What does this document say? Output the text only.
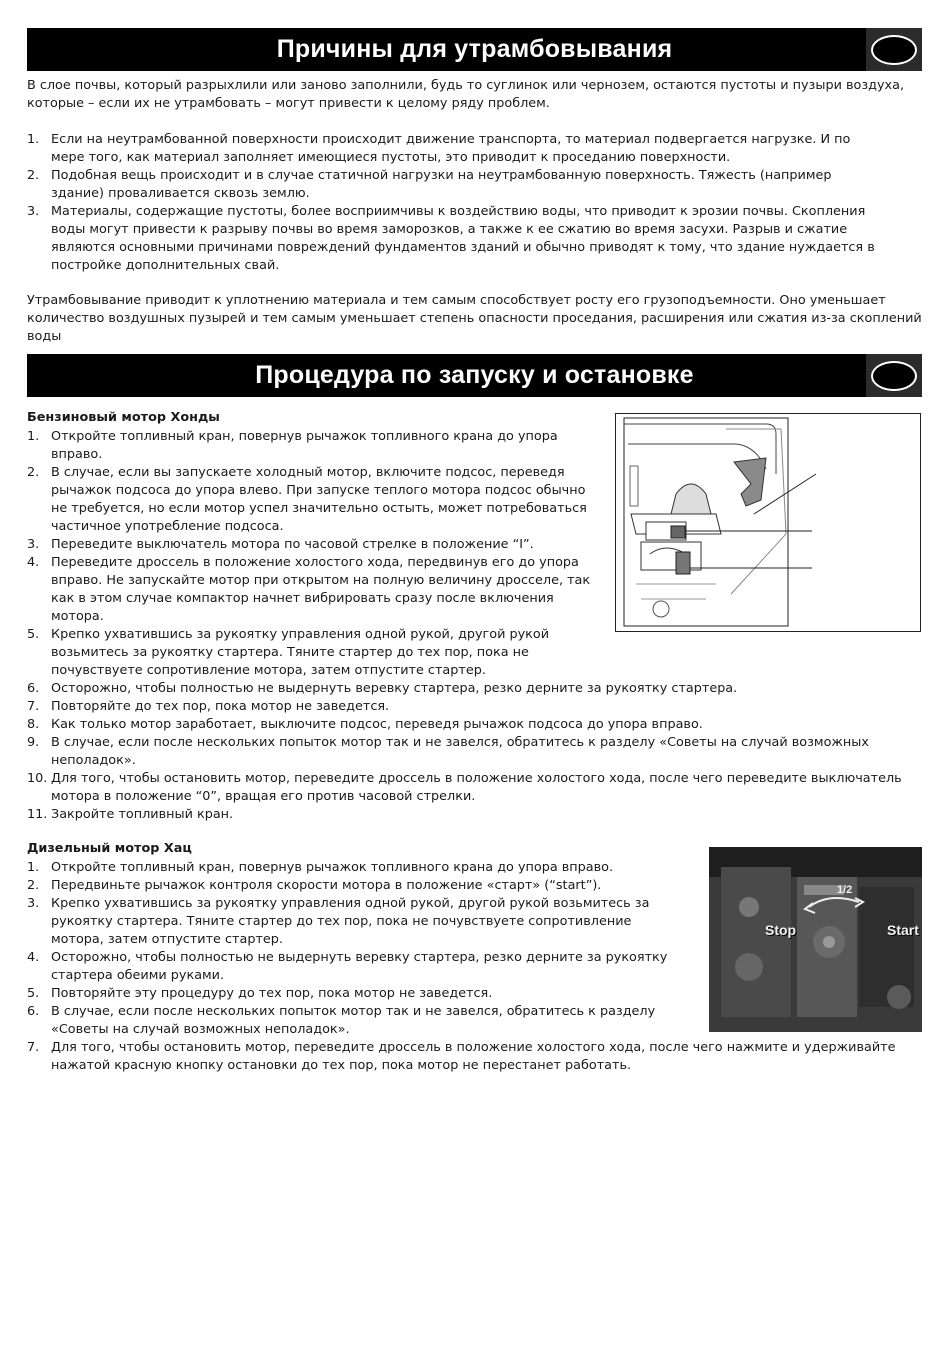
Причины для утрамбовывания

В слое почвы, который разрыхлили или заново заполнили, будь то суглинок или чернозем, остаются пустоты и пузыри воздуха, которые – если их не утрамбовать – могут привести к целому ряду проблем.

1. Если на неутрамбованной поверхности происходит движение транспорта, то материал подвергается нагрузке. И по мере того, как материал заполняет имеющиеся пустоты, это приводит к проседанию поверхности.
2. Подобная вещь происходит и в случае статичной нагрузки на неутрамбованную поверхность. Тяжесть (например здание) проваливается сквозь землю.
3. Материалы, содержащие пустоты, более восприимчивы к воздействию воды, что приводит к эрозии почвы. Скопления воды могут привести к разрыву почвы во время заморозков, а также к ее сжатию во время засухи. Разрыв и сжатие являются основными причинами повреждений фундаментов зданий и обычно приводят к тому, что здание нуждается в постройке дополнительных свай.

Утрамбовывание приводит к уплотнению материала и тем самым способствует росту его грузоподъемности. Оно уменьшает количество воздушных пузырей и тем самым уменьшает степень опасности проседания, расширения или сжатия из-за скоплений воды

Процедура по запуску и остановке

Бензиновый мотор Хонды

1. Откройте топливный кран, повернув рычажок топливного крана до упора вправо.
2. В случае, если вы запускаете холодный мотор, включите подсос, переведя рычажок подсоса до упора влево. При запуске теплого мотора подсос обычно не требуется, но если мотор успел значительно остыть, может потребоваться частичное употребление подсоса.
3. Переведите выключатель мотора по часовой стрелке в положение “I”.
4. Переведите дроссель в положение холостого хода, передвинув его до упора вправо. Не запускайте мотор при открытом на полную величину дросселе, так как в этом случае компактор начнет вибрировать сразу после включения мотора.
5. Крепко ухватившись за рукоятку управления одной рукой, другой рукой возьмитесь за рукоятку стартера. Тяните стартер до тех пор, пока не почувствуете сопротивление мотора, затем отпустите стартер.
6. Осторожно, чтобы полностью не выдернуть веревку стартера, резко дерните за рукоятку стартера.
7. Повторяйте до тех пор, пока мотор не заведется.
8. Как только мотор заработает, выключите подсос, переведя рычажок подсоса до упора вправо.
9. В случае, если после нескольких попыток мотор так и не завелся, обратитесь к разделу «Советы на случай возможных неполадок».
10. Для того, чтобы остановить мотор, переведите дроссель в положение холостого хода, после чего переведите выключатель мотора в положение “0”, вращая его против часовой стрелки.
11. Закройте топливный кран.

Дизельный мотор Хац

1. Откройте топливный кран, повернув рычажок топливного крана до упора вправо.
2. Передвиньте рычажок контроля скорости мотора в положение «старт» (“start”).
3. Крепко ухватившись за рукоятку управления одной рукой, другой рукой возьмитесь за рукоятку стартера. Тяните стартер до тех пор, пока не почувствуете сопротивление мотора, затем отпустите стартер.
4. Осторожно, чтобы полностью не выдернуть веревку стартера, резко дерните за рукоятку стартера обеими руками.
5. Повторяйте эту процедуру до тех пор, пока мотор не заведется.
6. В случае, если после нескольких попыток мотор так и не завелся, обратитесь к разделу «Советы на случай возможных неполадок».
7. Для того, чтобы остановить мотор, переведите дроссель в положение холостого хода, после чего нажмите и удерживайте нажатой красную кнопку остановки до тех пор, пока мотор не перестанет работать.
1/2
Stop	Start
